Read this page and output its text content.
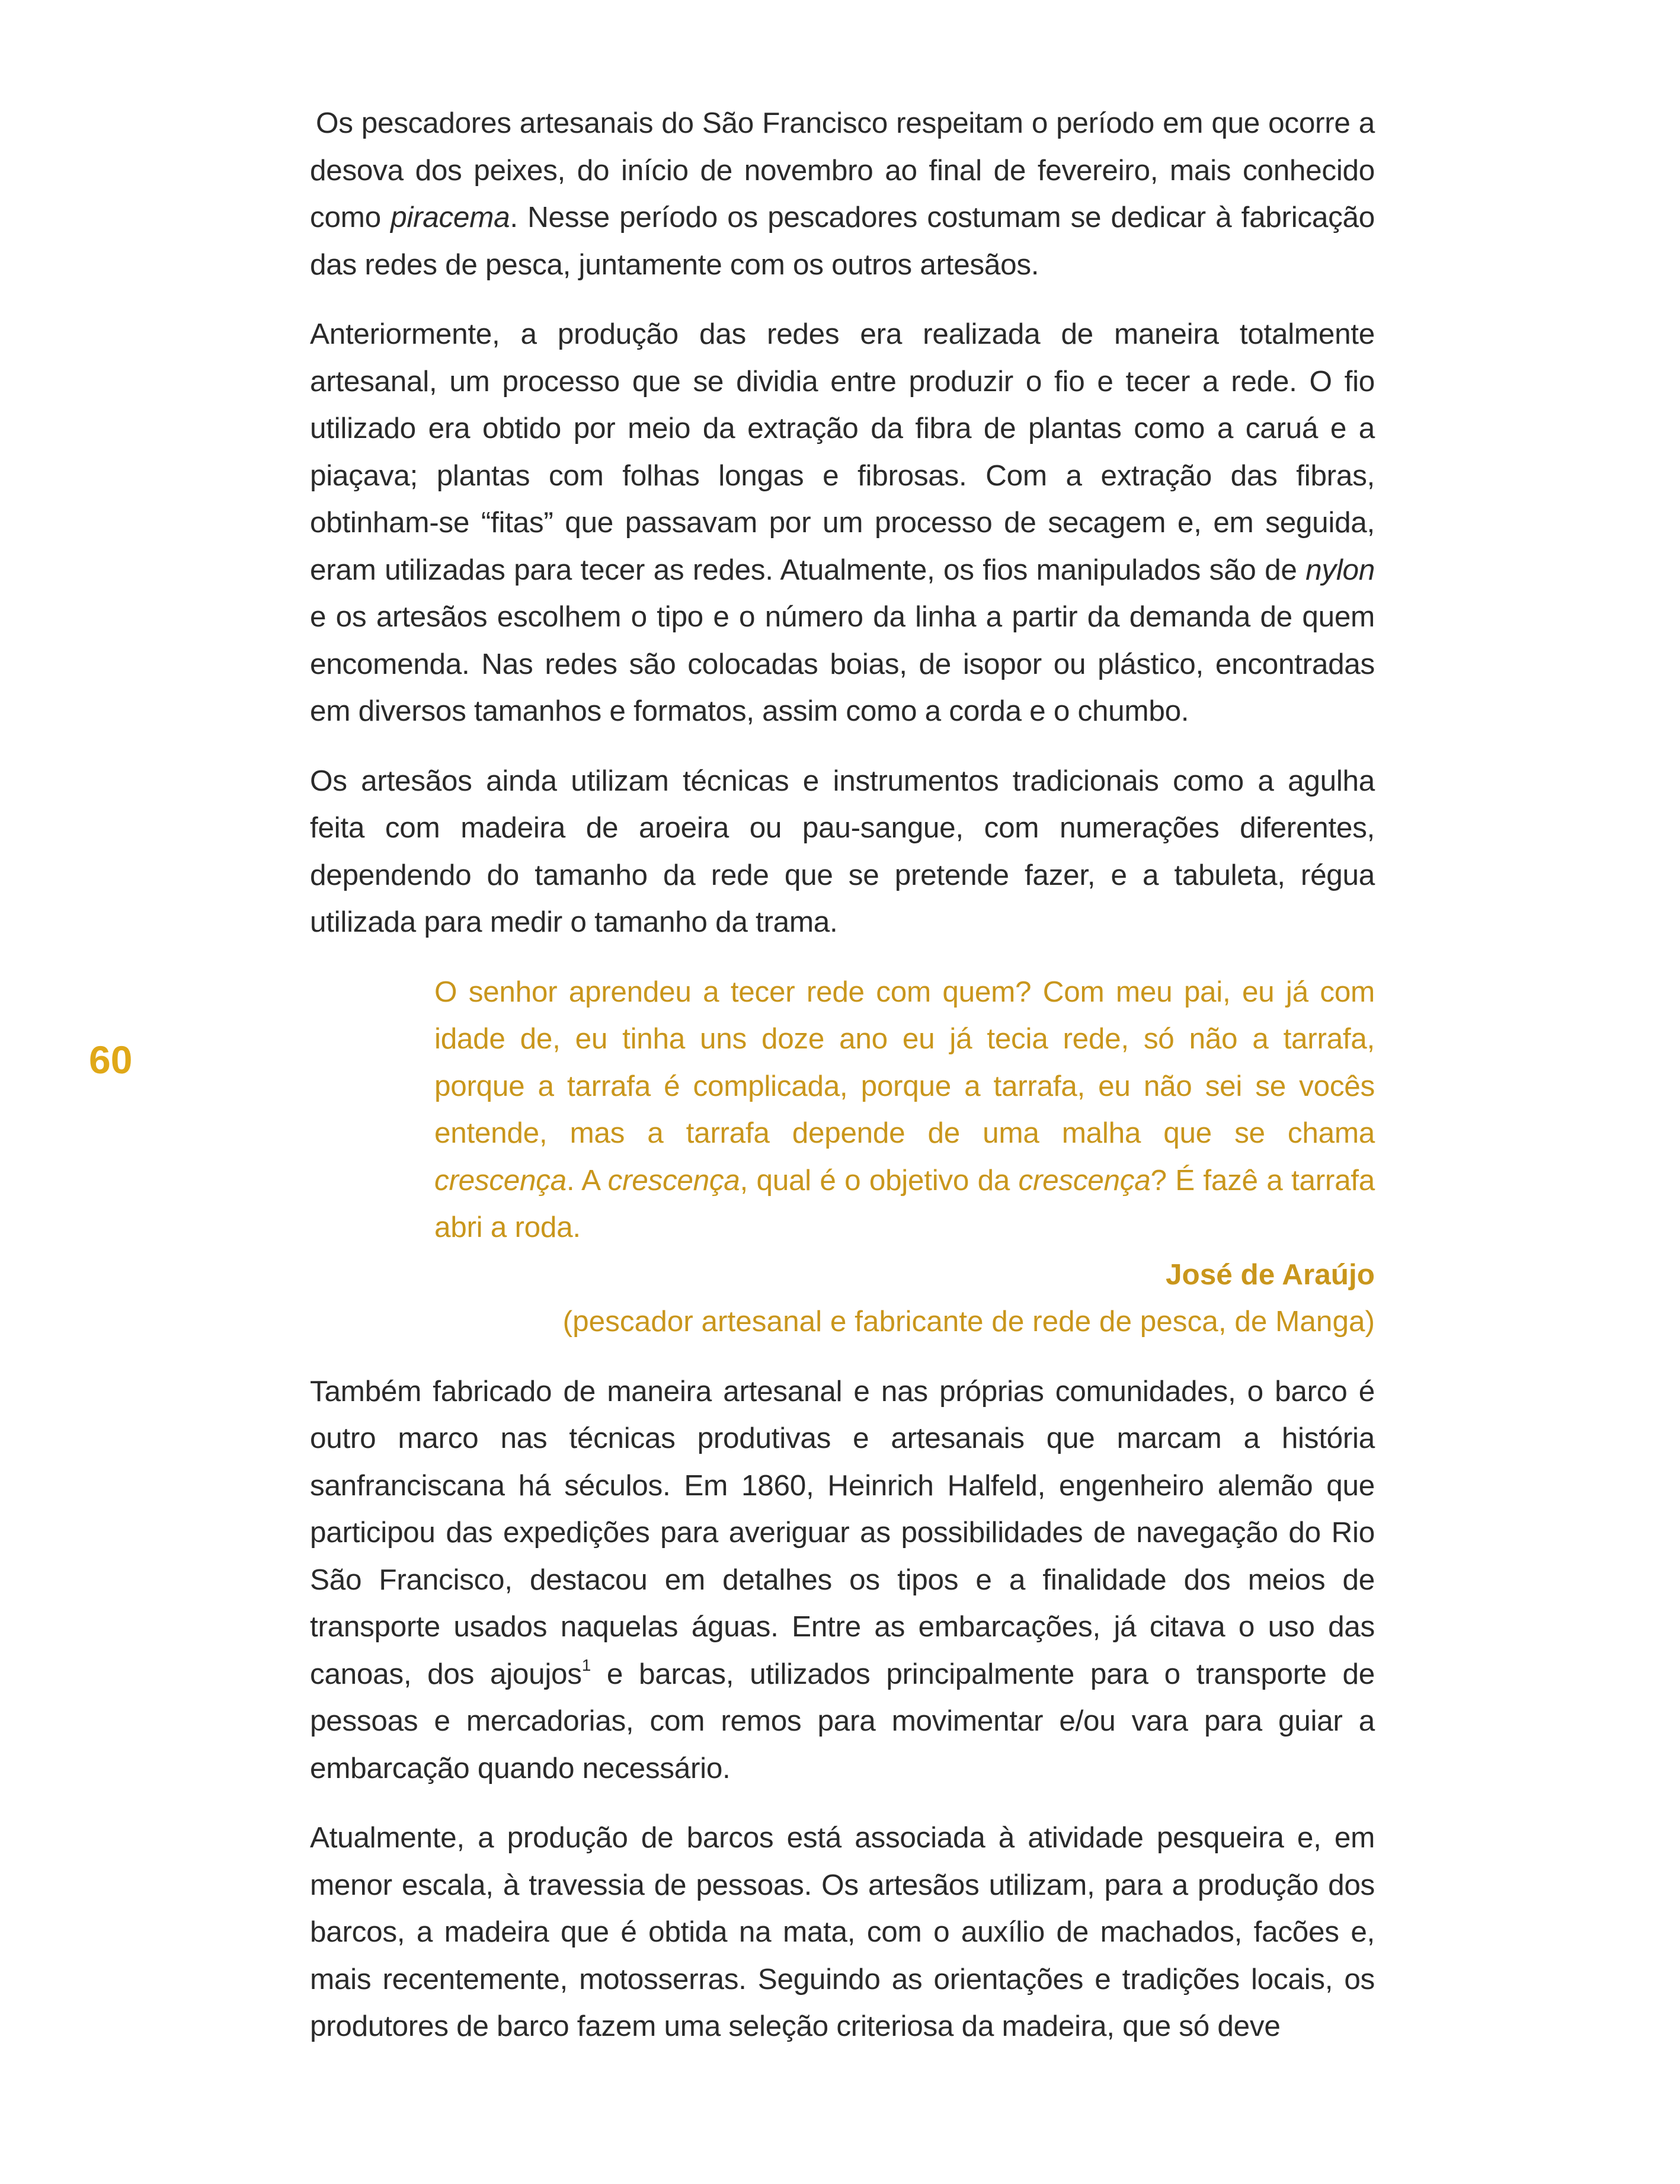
60

Os pescadores artesanais do São Francisco respeitam o período em que ocorre a desova dos peixes, do início de novembro ao final de fevereiro, mais conhecido como piracema. Nesse período os pescadores costumam se dedicar à fabricação das redes de pesca, juntamente com os outros artesãos.

Anteriormente, a produção das redes era realizada de maneira totalmente artesanal, um processo que se dividia entre produzir o fio e tecer a rede. O fio utilizado era obtido por meio da extração da fibra de plantas como a caruá e a piaçava; plantas com folhas longas e fibrosas. Com a extração das fibras, obtinham-se “fitas” que passavam por um processo de secagem e, em seguida, eram utilizadas para tecer as redes. Atualmente, os fios manipulados são de nylon e os artesãos escolhem o tipo e o número da linha a partir da demanda de quem encomenda. Nas redes são colocadas boias, de isopor ou plástico, encontradas em diversos tamanhos e formatos, assim como a corda e o chumbo.

Os artesãos ainda utilizam técnicas e instrumentos tradicionais como a agulha feita com madeira de aroeira ou pau-sangue, com numerações diferentes, dependendo do tamanho da rede que se pretende fazer, e a tabuleta, régua utilizada para medir o tamanho da trama.

O senhor aprendeu a tecer rede com quem? Com meu pai, eu já com idade de, eu tinha uns doze ano eu já tecia rede, só não a tarrafa, porque a tarrafa é complicada, porque a tarrafa, eu não sei se vocês entende, mas a tarrafa depende de uma malha que se chama crescença. A crescença, qual é o objetivo da crescença? É fazê a tarrafa abri a roda.

José de Araújo

(pescador artesanal e fabricante de rede de pesca, de Manga)

Também fabricado de maneira artesanal e nas próprias comunidades, o barco é outro marco nas técnicas produtivas e artesanais que marcam a história sanfranciscana há séculos. Em 1860, Heinrich Halfeld, engenheiro alemão que participou das expedições para averiguar as possibilidades de navegação do Rio São Francisco, destacou em detalhes os tipos e a finalidade dos meios de transporte usados naquelas águas. Entre as embarcações, já citava o uso das canoas, dos ajoujos$^1$ e barcas, utilizados principalmente para o transporte de pessoas e mercadorias, com remos para movimentar e/ou vara para guiar a embarcação quando necessário.

Atualmente, a produção de barcos está associada à atividade pesqueira e, em menor escala, à travessia de pessoas. Os artesãos utilizam, para a produção dos barcos, a madeira que é obtida na mata, com o auxílio de machados, facões e, mais recentemente, motosserras. Seguindo as orientações e tradições locais, os produtores de barco fazem uma seleção criteriosa da madeira, que só deve
